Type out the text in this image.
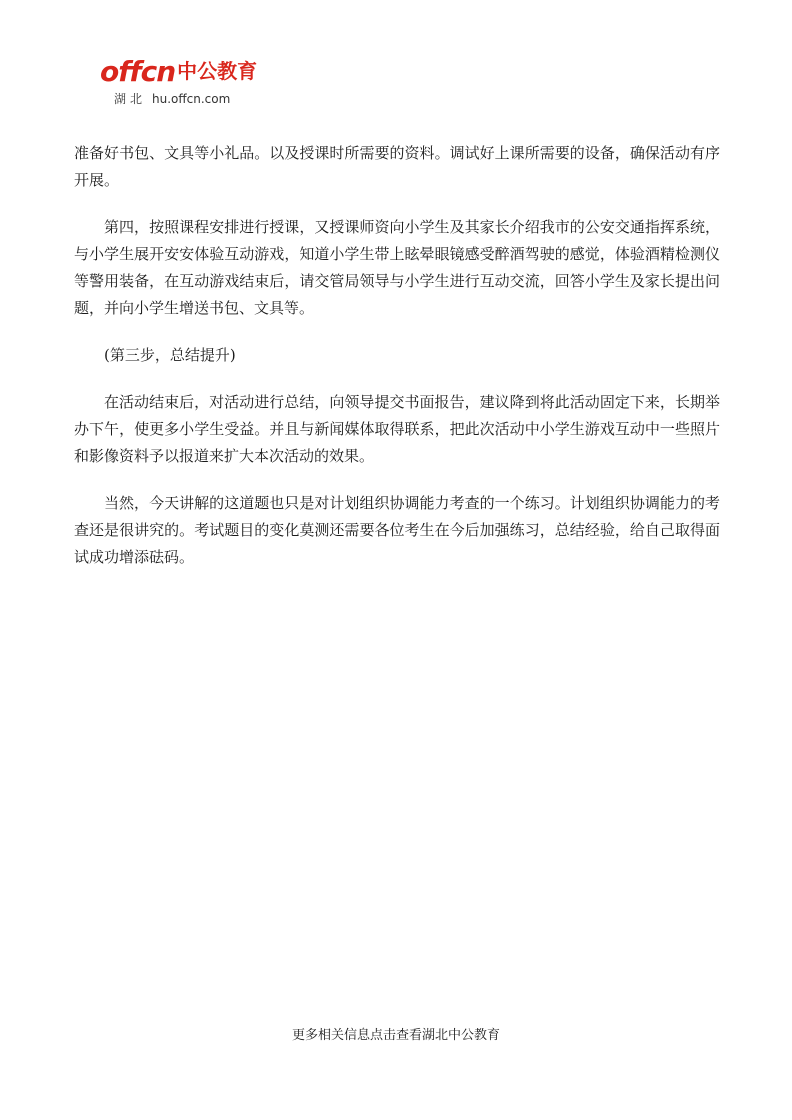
offcn 中公教育
湖北 hu.offcn.com

准备好书包、文具等小礼品。以及授课时所需要的资料。调试好上课所需要的设备，确保活动有序开展。

第四，按照课程安排进行授课，又授课师资向小学生及其家长介绍我市的公安交通指挥系统，与小学生展开安安体验互动游戏，知道小学生带上眩晕眼镜感受醉酒驾驶的感觉，体验酒精检测仪等警用装备，在互动游戏结束后，请交管局领导与小学生进行互动交流，回答小学生及家长提出问题，并向小学生增送书包、文具等。

(第三步，总结提升)

在活动结束后，对活动进行总结，向领导提交书面报告，建议降到将此活动固定下来，长期举办下午，使更多小学生受益。并且与新闻媒体取得联系，把此次活动中小学生游戏互动中一些照片和影像资料予以报道来扩大本次活动的效果。

当然，今天讲解的这道题也只是对计划组织协调能力考查的一个练习。计划组织协调能力的考查还是很讲究的。考试题目的变化莫测还需要各位考生在今后加强练习，总结经验，给自己取得面试成功增添砝码。

更多相关信息点击查看湖北中公教育
